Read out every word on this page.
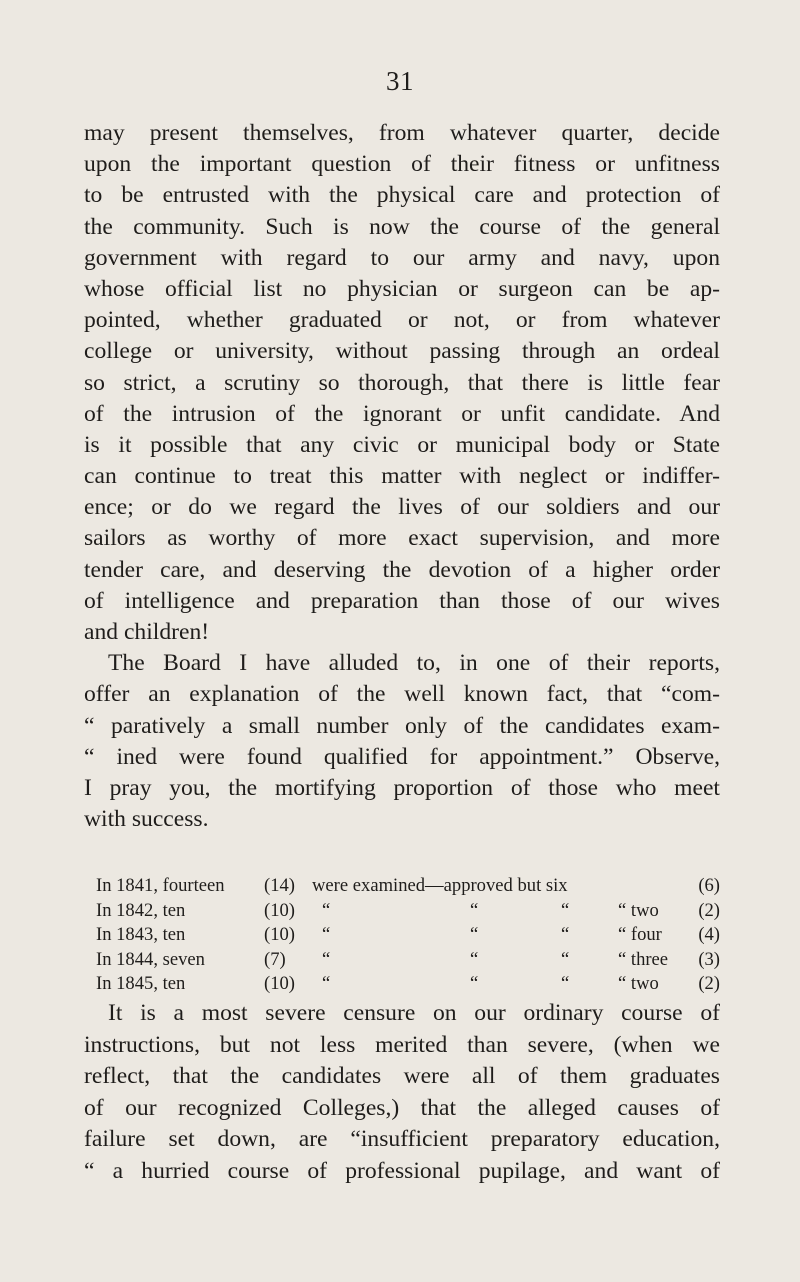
31
may present themselves, from whatever quarter, decide
upon the important question of their fitness or unfitness
to be entrusted with the physical care and protection of
the community. Such is now the course of the general
government with regard to our army and navy, upon
whose official list no physician or surgeon can be ap-
pointed, whether graduated or not, or from whatever
college or university, without passing through an ordeal
so strict, a scrutiny so thorough, that there is little fear
of the intrusion of the ignorant or unfit candidate. And
is it possible that any civic or municipal body or State
can continue to treat this matter with neglect or indiffer-
ence; or do we regard the lives of our soldiers and our
sailors as worthy of more exact supervision, and more
tender care, and deserving the devotion of a higher order
of intelligence and preparation than those of our wives
and children!
The Board I have alluded to, in one of their reports,
offer an explanation of the well known fact, that “com-
“ paratively a small number only of the candidates exam-
“ ined were found qualified for appointment.” Observe,
I pray you, the mortifying proportion of those who meet
with success.
In 1841, fourteen (14) were examined—approved but six	(6)
In 1842, ten	(10) “	“	“	“ two (2)
In 1843, ten	(10) “	“	“	“ four (4)
In 1844, seven	(7) “	“	“	“ three (3)
In 1845, ten	(10) “	“	“	“ two (2)
It is a most severe censure on our ordinary course of
instructions, but not less merited than severe, (when we
reflect, that the candidates were all of them graduates
of our recognized Colleges,) that the alleged causes of
failure set down, are “insufficient preparatory education,
“ a hurried course of professional pupilage, and want of
